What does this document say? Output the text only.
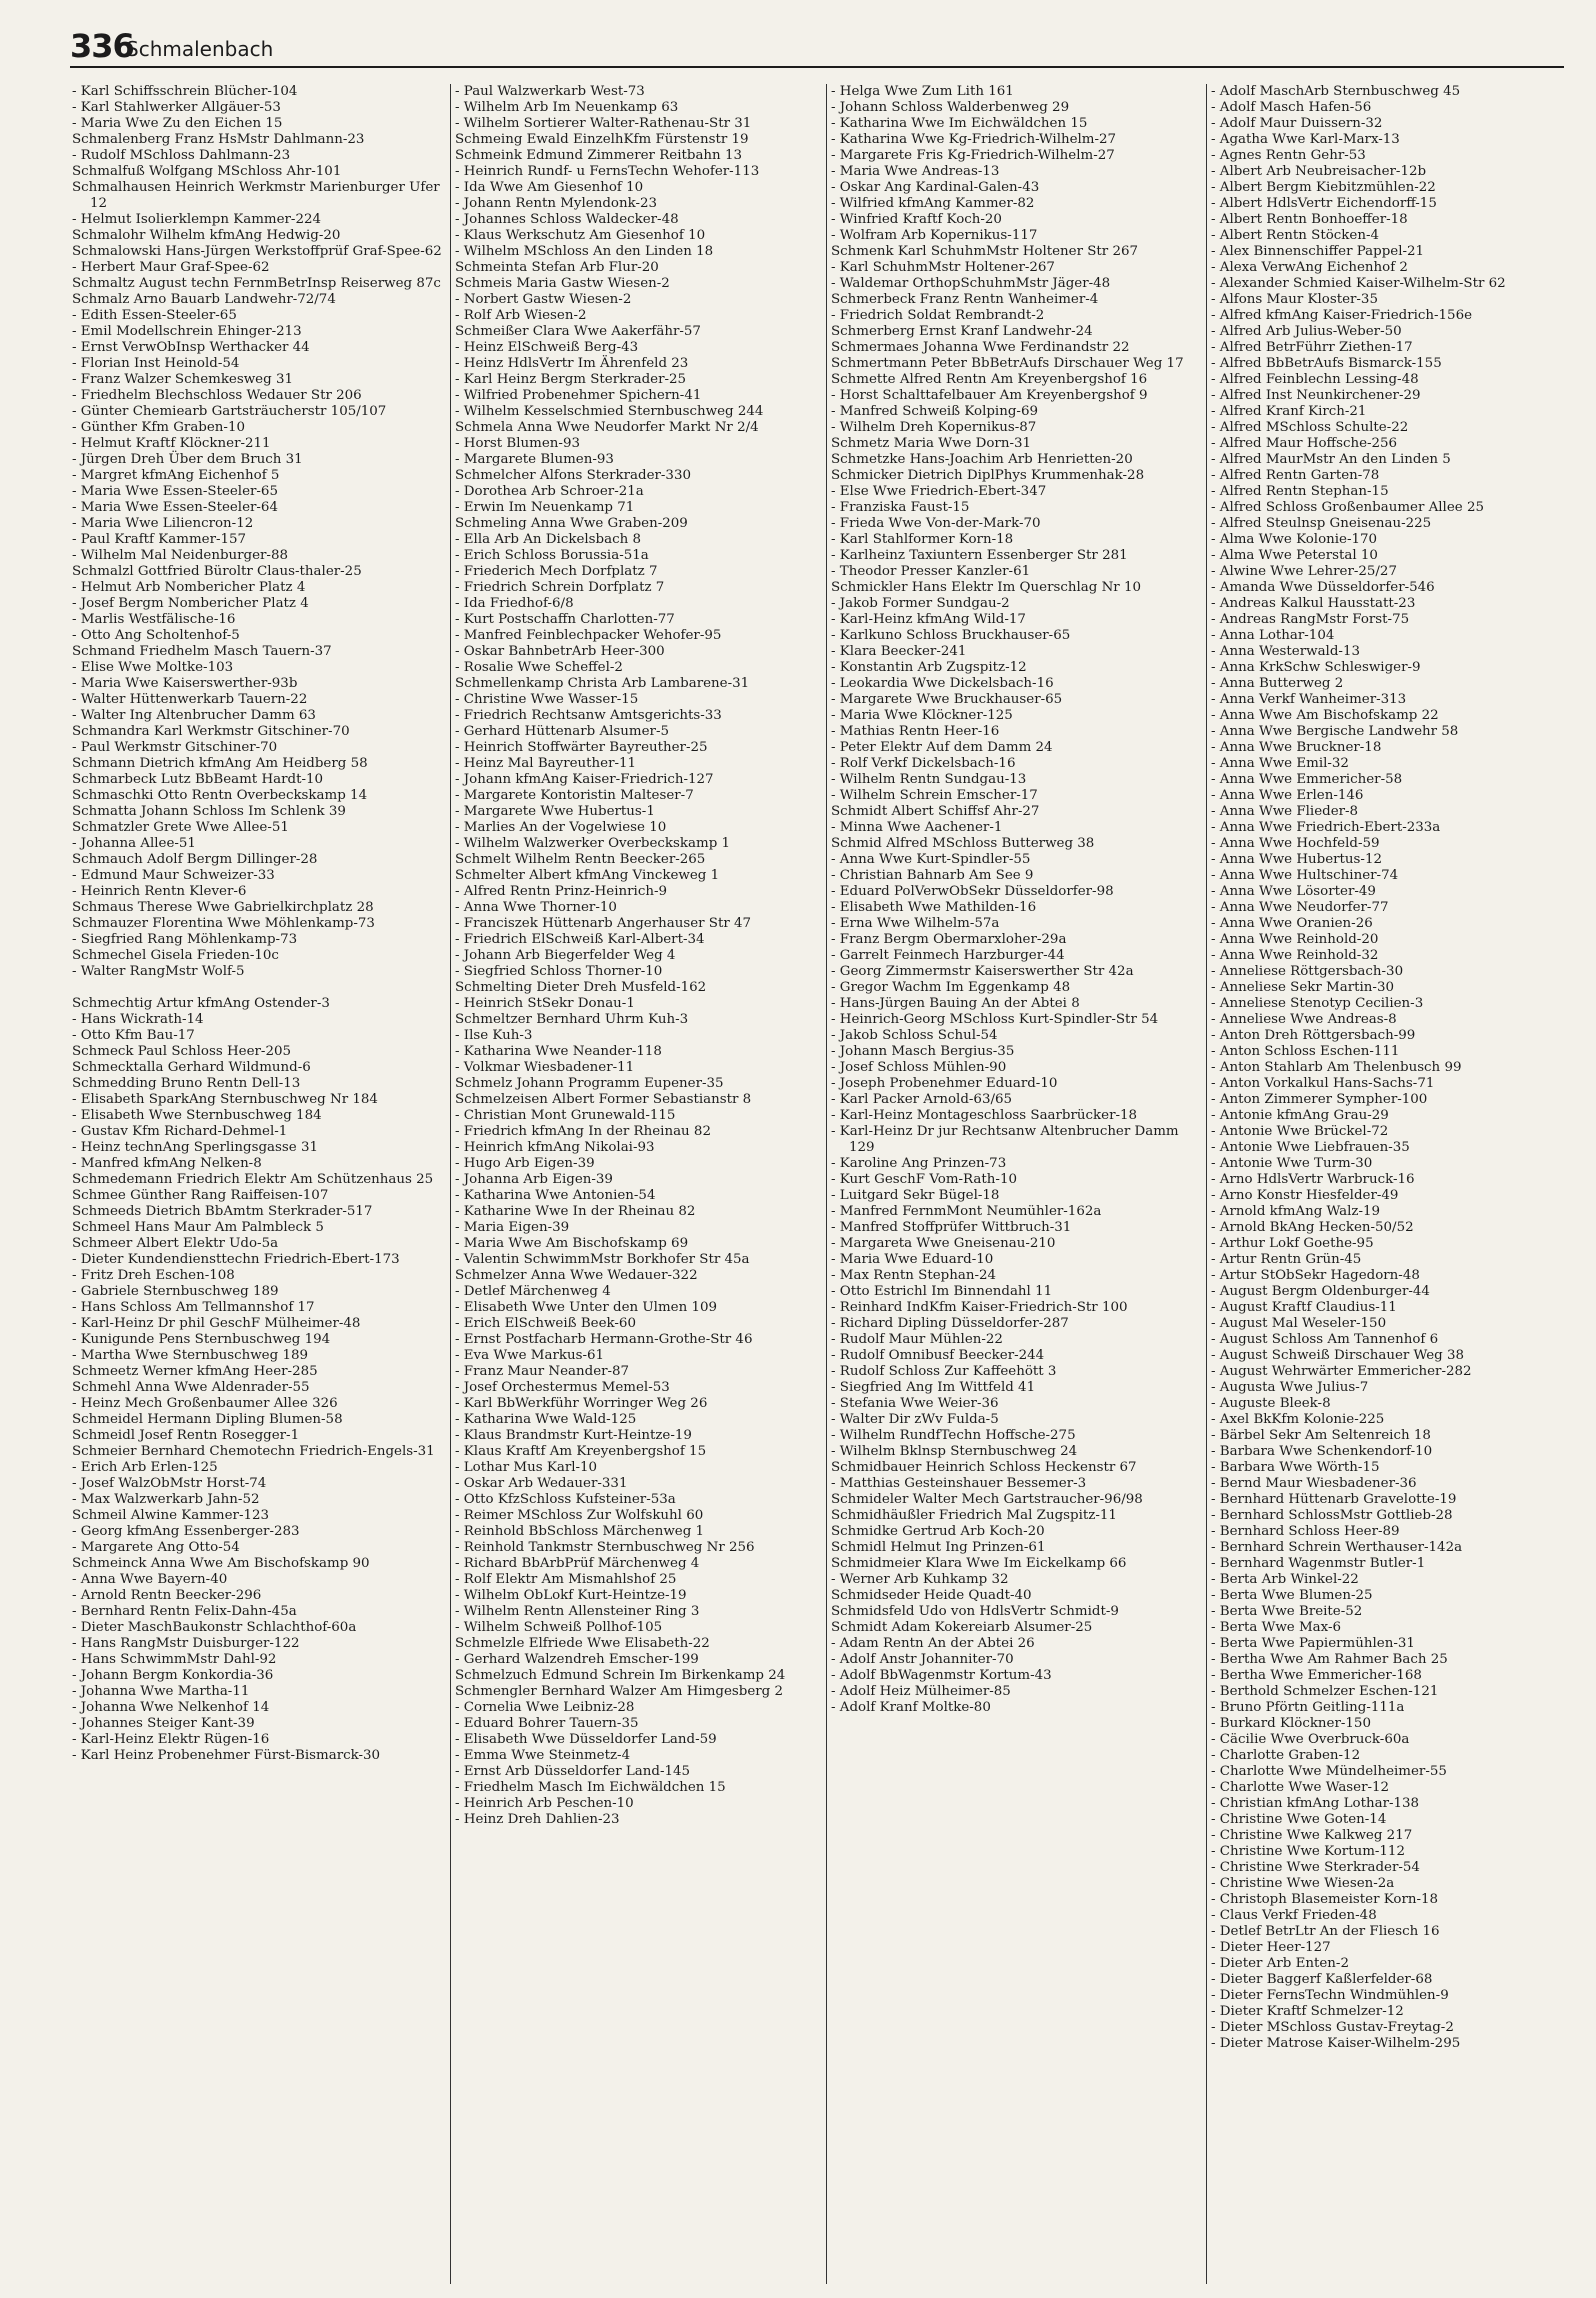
336
Schmalenbach
- Karl Schiffsschrein Blücher-104
- Karl Stahlwerker Allgäuer-53
- Maria Wwe Zu den Eichen 15
Schmalenberg Franz HsMstr Dahlmann-23
- Rudolf MSchloss Dahlmann-23
Schmalfuß Wolfgang MSchloss Ahr-101
Schmalhausen Heinrich Werkmstr Marienburger Ufer 12
- Helmut Isolierklempn Kammer-224
Schmalohr Wilhelm kfmAng Hedwig-20
Schmalowski Hans-Jürgen Werkstoffprüf Graf-Spee-62
- Herbert Maur Graf-Spee-62
Schmaltz August techn FernmBetrInsp Reiserweg 87c
Schmalz Arno Bauarb Landwehr-72/74
- Edith Essen-Steeler-65
- Emil Modellschrein Ehinger-213
- Ernst VerwObInsp Werthacker 44
- Florian Inst Heinold-54
- Franz Walzer Schemkesweg 31
- Friedhelm Blechschloss Wedauer Str 206
- Günter Chemiearb Gartsträucherstr 105/107
- Günther Kfm Graben-10
- Helmut Kraftf Klöckner-211
- Jürgen Dreh Über dem Bruch 31
- Margret kfmAng Eichenhof 5
- Maria Wwe Essen-Steeler-65
- Maria Wwe Essen-Steeler-64
- Maria Wwe Liliencron-12
- Paul Kraftf Kammer-157
- Wilhelm Mal Neidenburger-88
Schmalzl Gottfried Büroltr Claus-thaler-25
- Helmut Arb Nombericher Platz 4
- Josef Bergm Nombericher Platz 4
- Marlis Westfälische-16
- Otto Ang Scholtenhof-5
Schmand Friedhelm Masch Tauern-37
- Elise Wwe Moltke-103
- Maria Wwe Kaiserswerther-93b
- Walter Hüttenwerkarb Tauern-22
- Walter Ing Altenbrucher Damm 63
Schmandra Karl Werkmstr Gitschiner-70
- Paul Werkmstr Gitschiner-70
Schmann Dietrich kfmAng Am Heidberg 58
Schmarbeck Lutz BbBeamt Hardt-10
Schmaschki Otto Rentn Overbeckskamp 14
Schmatta Johann Schloss Im Schlenk 39
Schmatzler Grete Wwe Allee-51
- Johanna Allee-51
Schmauch Adolf Bergm Dillinger-28
- Edmund Maur Schweizer-33
- Heinrich Rentn Klever-6
Schmaus Therese Wwe Gabrielkirchplatz 28
Schmauzer Florentina Wwe Möhlenkamp-73
- Siegfried Rang Möhlenkamp-73
Schmechel Gisela Frieden-10c
- Walter RangMstr Wolf-5
Schmechtig Artur kfmAng Ostender-3
- Hans Wickrath-14
- Otto Kfm Bau-17
Schmeck Paul Schloss Heer-205
Schmecktalla Gerhard Wildmund-6
Schmedding Bruno Rentn Dell-13
- Elisabeth SparkAng Sternbuschweg Nr 184
- Elisabeth Wwe Sternbuschweg 184
- Gustav Kfm Richard-Dehmel-1
- Heinz technAng Sperlingsgasse 31
- Manfred kfmAng Nelken-8
Schmedemann Friedrich Elektr Am Schützenhaus 25
Schmee Günther Rang Raiffeisen-107
Schmeeds Dietrich BbAmtm Sterkrader-517
Schmeel Hans Maur Am Palmbleck 5
Schmeer Albert Elektr Udo-5a
- Dieter Kundendiensttechn Friedrich-Ebert-173
- Fritz Dreh Eschen-108
- Gabriele Sternbuschweg 189
- Hans Schloss Am Tellmannshof 17
- Karl-Heinz Dr phil GeschF Mülheimer-48
- Kunigunde Pens Sternbuschweg 194
- Martha Wwe Sternbuschweg 189
Schmeetz Werner kfmAng Heer-285
Schmehl Anna Wwe Aldenrader-55
- Heinz Mech Großenbaumer Allee 326
Schmeidel Hermann Dipling Blumen-58
Schmeidl Josef Rentn Rosegger-1
Schmeier Bernhard Chemotechn Friedrich-Engels-31
- Erich Arb Erlen-125
- Josef WalzObMstr Horst-74
- Max Walzwerkarb Jahn-52
Schmeil Alwine Kammer-123
- Georg kfmAng Essenberger-283
- Margarete Ang Otto-54
Schmeinck Anna Wwe Am Bischofskamp 90
- Anna Wwe Bayern-40
- Arnold Rentn Beecker-296
- Bernhard Rentn Felix-Dahn-45a
- Dieter MaschBaukonstr Schlachthof-60a
- Hans RangMstr Duisburger-122
- Hans SchwimmMstr Dahl-92
- Johann Bergm Konkordia-36
- Johanna Wwe Martha-11
- Johanna Wwe Nelkenhof 14
- Johannes Steiger Kant-39
- Karl-Heinz Elektr Rügen-16
- Karl Heinz Probenehmer Fürst-Bismarck-30
- Paul Walzwerkarb West-73
- Wilhelm Arb Im Neuenkamp 63
- Wilhelm Sortierer Walter-Rathenau-Str 31
Schmeing Ewald EinzelhKfm Fürstenstr 19
Schmeink Edmund Zimmerer Reitbahn 13
- Heinrich Rundf- u FernsTechn Wehofer-113
- Ida Wwe Am Giesenhof 10
- Johann Rentn Mylendonk-23
- Johannes Schloss Waldecker-48
- Klaus Werkschutz Am Giesenhof 10
- Wilhelm MSchloss An den Linden 18
Schmeinta Stefan Arb Flur-20
Schmeis Maria Gastw Wiesen-2
- Norbert Gastw Wiesen-2
- Rolf Arb Wiesen-2
Schmeißer Clara Wwe Aakerfähr-57
- Heinz ElSchweiß Berg-43
- Heinz HdlsVertr Im Ährenfeld 23
- Karl Heinz Bergm Sterkrader-25
- Wilfried Probenehmer Spichern-41
- Wilhelm Kesselschmied Sternbuschweg 244
Schmela Anna Wwe Neudorfer Markt Nr 2/4
- Horst Blumen-93
- Margarete Blumen-93
Schmelcher Alfons Sterkrader-330
- Dorothea Arb Schroer-21a
- Erwin Im Neuenkamp 71
Schmeling Anna Wwe Graben-209
- Ella Arb An Dickelsbach 8
- Erich Schloss Borussia-51a
- Friederich Mech Dorfplatz 7
- Friedrich Schrein Dorfplatz 7
- Ida Friedhof-6/8
- Kurt Postschaffn Charlotten-77
- Manfred Feinblechpacker Wehofer-95
- Oskar BahnbetrArb Heer-300
- Rosalie Wwe Scheffel-2
Schmellenkamp Christa Arb Lambarene-31
- Christine Wwe Wasser-15
- Friedrich Rechtsanw Amtsgerichts-33
- Gerhard Hüttenarb Alsumer-5
- Heinrich Stoffwärter Bayreuther-25
- Heinz Mal Bayreuther-11
- Johann kfmAng Kaiser-Friedrich-127
- Margarete Kontoristin Malteser-7
- Margarete Wwe Hubertus-1
- Marlies An der Vogelwiese 10
- Wilhelm Walzwerker Overbeckskamp 1
Schmelt Wilhelm Rentn Beecker-265
Schmelter Albert kfmAng Vinckeweg 1
- Alfred Rentn Prinz-Heinrich-9
- Anna Wwe Thorner-10
- Franciszek Hüttenarb Angerhauser Str 47
- Friedrich ElSchweiß Karl-Albert-34
- Johann Arb Biegerfelder Weg 4
- Siegfried Schloss Thorner-10
Schmelting Dieter Dreh Musfeld-162
- Heinrich StSekr Donau-1
Schmeltzer Bernhard Uhrm Kuh-3
- Ilse Kuh-3
- Katharina Wwe Neander-118
- Volkmar Wiesbadener-11
Schmelz Johann Programm Eupener-35
Schmelzeisen Albert Former Sebastianstr 8
- Christian Mont Grunewald-115
- Friedrich kfmAng In der Rheinau 82
- Heinrich kfmAng Nikolai-93
- Hugo Arb Eigen-39
- Johanna Arb Eigen-39
- Katharina Wwe Antonien-54
- Katharine Wwe In der Rheinau 82
- Maria Eigen-39
- Maria Wwe Am Bischofskamp 69
- Valentin SchwimmMstr Borkhofer Str 45a
Schmelzer Anna Wwe Wedauer-322
- Detlef Märchenweg 4
- Elisabeth Wwe Unter den Ulmen 109
- Erich ElSchweiß Beek-60
- Ernst Postfacharb Hermann-Grothe-Str 46
- Eva Wwe Markus-61
- Franz Maur Neander-87
- Josef Orchestermus Memel-53
- Karl BbWerkführ Worringer Weg 26
- Katharina Wwe Wald-125
- Klaus Brandmstr Kurt-Heintze-19
- Klaus Kraftf Am Kreyenbergshof 15
- Lothar Mus Karl-10
- Oskar Arb Wedauer-331
- Otto KfzSchloss Kufsteiner-53a
- Reimer MSchloss Zur Wolfskuhl 60
- Reinhold BbSchloss Märchenweg 1
- Reinhold Tankmstr Sternbuschweg Nr 256
- Richard BbArbPrüf Märchenweg 4
- Rolf Elektr Am Mismahlshof 25
- Wilhelm ObLokf Kurt-Heintze-19
- Wilhelm Rentn Allensteiner Ring 3
- Wilhelm Schweiß Pollhof-105
Schmelzle Elfriede Wwe Elisabeth-22
- Gerhard Walzendreh Emscher-199
Schmelzuch Edmund Schrein Im Birkenkamp 24
Schmengler Bernhard Walzer Am Himgesberg 2
- Cornelia Wwe Leibniz-28
- Eduard Bohrer Tauern-35
- Elisabeth Wwe Düsseldorfer Land-59
- Emma Wwe Steinmetz-4
- Ernst Arb Düsseldorfer Land-145
- Friedhelm Masch Im Eichwäldchen 15
- Heinrich Arb Peschen-10
- Heinz Dreh Dahlien-23
- Helga Wwe Zum Lith 161
- Johann Schloss Walderbenweg 29
- Katharina Wwe Im Eichwäldchen 15
- Katharina Wwe Kg-Friedrich-Wilhelm-27
- Margarete Fris Kg-Friedrich-Wilhelm-27
- Maria Wwe Andreas-13
- Oskar Ang Kardinal-Galen-43
- Wilfried kfmAng Kammer-82
- Winfried Kraftf Koch-20
- Wolfram Arb Kopernikus-117
Schmenk Karl SchuhmMstr Holtener Str 267
- Karl SchuhmMstr Holtener-267
- Waldemar OrthopSchuhmMstr Jäger-48
Schmerbeck Franz Rentn Wanheimer-4
- Friedrich Soldat Rembrandt-2
Schmerberg Ernst Kranf Landwehr-24
Schmermaes Johanna Wwe Ferdinandstr 22
Schmertmann Peter BbBetrAufs Dirschauer Weg 17
Schmette Alfred Rentn Am Kreyenbergshof 16
- Horst Schalttafelbauer Am Kreyenbergshof 9
- Manfred Schweiß Kolping-69
- Wilhelm Dreh Kopernikus-87
Schmetz Maria Wwe Dorn-31
Schmetzke Hans-Joachim Arb Henrietten-20
Schmicker Dietrich DiplPhys Krummenhak-28
- Else Wwe Friedrich-Ebert-347
- Franziska Faust-15
- Frieda Wwe Von-der-Mark-70
- Karl Stahlformer Korn-18
- Karlheinz Taxiuntern Essenberger Str 281
- Theodor Presser Kanzler-61
Schmickler Hans Elektr Im Querschlag Nr 10
- Jakob Former Sundgau-2
- Karl-Heinz kfmAng Wild-17
- Karlkuno Schloss Bruckhauser-65
- Klara Beecker-241
- Konstantin Arb Zugspitz-12
- Leokardia Wwe Dickelsbach-16
- Margarete Wwe Bruckhauser-65
- Maria Wwe Klöckner-125
- Mathias Rentn Heer-16
- Peter Elektr Auf dem Damm 24
- Rolf Verkf Dickelsbach-16
- Wilhelm Rentn Sundgau-13
- Wilhelm Schrein Emscher-17
Schmidt Albert Schiffsf Ahr-27
- Minna Wwe Aachener-1
Schmid Alfred MSchloss Butterweg 38
- Anna Wwe Kurt-Spindler-55
- Christian Bahnarb Am See 9
- Eduard PolVerwObSekr Düsseldorfer-98
- Elisabeth Wwe Mathilden-16
- Erna Wwe Wilhelm-57a
- Franz Bergm Obermarxloher-29a
- Garrelt Feinmech Harzburger-44
- Georg Zimmermstr Kaiserswerther Str 42a
- Gregor Wachm Im Eggenkamp 48
- Hans-Jürgen Bauing An der Abtei 8
- Heinrich-Georg MSchloss Kurt-Spindler-Str 54
- Jakob Schloss Schul-54
- Johann Masch Bergius-35
- Josef Schloss Mühlen-90
- Joseph Probenehmer Eduard-10
- Karl Packer Arnold-63/65
- Karl-Heinz Montageschloss Saarbrücker-18
- Karl-Heinz Dr jur Rechtsanw Altenbrucher Damm 129
- Karoline Ang Prinzen-73
- Kurt GeschF Vom-Rath-10
- Luitgard Sekr Bügel-18
- Manfred FernmMont Neumühler-162a
- Manfred Stoffprüfer Wittbruch-31
- Margareta Wwe Gneisenau-210
- Maria Wwe Eduard-10
- Max Rentn Stephan-24
- Otto Estrichl Im Binnendahl 11
- Reinhard IndKfm Kaiser-Friedrich-Str 100
- Richard Dipling Düsseldorfer-287
- Rudolf Maur Mühlen-22
- Rudolf Omnibusf Beecker-244
- Rudolf Schloss Zur Kaffeehött 3
- Siegfried Ang Im Wittfeld 41
- Stefania Wwe Weier-36
- Walter Dir zWv Fulda-5
- Wilhelm RundfTechn Hoffsche-275
- Wilhelm Bklnsp Sternbuschweg 24
Schmidbauer Heinrich Schloss Heckenstr 67
- Matthias Gesteinshauer Bessemer-3
Schmideler Walter Mech Gartstraucher-96/98
Schmidhäußler Friedrich Mal Zugspitz-11
Schmidke Gertrud Arb Koch-20
Schmidl Helmut Ing Prinzen-61
Schmidmeier Klara Wwe Im Eickelkamp 66
- Werner Arb Kuhkamp 32
Schmidseder Heide Quadt-40
Schmidsfeld Udo von HdlsVertr Schmidt-9
Schmidt Adam Kokereiarb Alsumer-25
- Adam Rentn An der Abtei 26
- Adolf Anstr Johanniter-70
- Adolf BbWagenmstr Kortum-43
- Adolf Heiz Mülheimer-85
- Adolf Kranf Moltke-80
- Adolf MaschArb Sternbuschweg 45
- Adolf Masch Hafen-56
- Adolf Maur Duissern-32
- Agatha Wwe Karl-Marx-13
- Agnes Rentn Gehr-53
- Albert Arb Neubreisacher-12b
- Albert Bergm Kiebitzmühlen-22
- Albert HdlsVertr Eichendorff-15
- Albert Rentn Bonhoeffer-18
- Albert Rentn Stöcken-4
- Alex Binnenschiffer Pappel-21
- Alexa VerwAng Eichenhof 2
- Alexander Schmied Kaiser-Wilhelm-Str 62
- Alfons Maur Kloster-35
- Alfred kfmAng Kaiser-Friedrich-156e
- Alfred Arb Julius-Weber-50
- Alfred BetrFührr Ziethen-17
- Alfred BbBetrAufs Bismarck-155
- Alfred Feinblechn Lessing-48
- Alfred Inst Neunkirchener-29
- Alfred Kranf Kirch-21
- Alfred MSchloss Schulte-22
- Alfred Maur Hoffsche-256
- Alfred MaurMstr An den Linden 5
- Alfred Rentn Garten-78
- Alfred Rentn Stephan-15
- Alfred Schloss Großenbaumer Allee 25
- Alfred Steulnsp Gneisenau-225
- Alma Wwe Kolonie-170
- Alma Wwe Peterstal 10
- Alwine Wwe Lehrer-25/27
- Amanda Wwe Düsseldorfer-546
- Andreas Kalkul Hausstatt-23
- Andreas RangMstr Forst-75
- Anna Lothar-104
- Anna Westerwald-13
- Anna KrkSchw Schleswiger-9
- Anna Butterweg 2
- Anna Verkf Wanheimer-313
- Anna Wwe Am Bischofskamp 22
- Anna Wwe Bergische Landwehr 58
- Anna Wwe Bruckner-18
- Anna Wwe Emil-32
- Anna Wwe Emmericher-58
- Anna Wwe Erlen-146
- Anna Wwe Flieder-8
- Anna Wwe Friedrich-Ebert-233a
- Anna Wwe Hochfeld-59
- Anna Wwe Hubertus-12
- Anna Wwe Hultschiner-74
- Anna Wwe Lösorter-49
- Anna Wwe Neudorfer-77
- Anna Wwe Oranien-26
- Anna Wwe Reinhold-20
- Anna Wwe Reinhold-32
- Anneliese Röttgersbach-30
- Anneliese Sekr Martin-30
- Anneliese Stenotyp Cecilien-3
- Anneliese Wwe Andreas-8
- Anton Dreh Röttgersbach-99
- Anton Schloss Eschen-111
- Anton Stahlarb Am Thelenbusch 99
- Anton Vorkalkul Hans-Sachs-71
- Anton Zimmerer Sympher-100
- Antonie kfmAng Grau-29
- Antonie Wwe Brückel-72
- Antonie Wwe Liebfrauen-35
- Antonie Wwe Turm-30
- Arno HdlsVertr Warbruck-16
- Arno Konstr Hiesfelder-49
- Arnold kfmAng Walz-19
- Arnold BkAng Hecken-50/52
- Arthur Lokf Goethe-95
- Artur Rentn Grün-45
- Artur StObSekr Hagedorn-48
- August Bergm Oldenburger-44
- August Kraftf Claudius-11
- August Mal Weseler-150
- August Schloss Am Tannenhof 6
- August Schweiß Dirschauer Weg 38
- August Wehrwärter Emmericher-282
- Augusta Wwe Julius-7
- Auguste Bleek-8
- Axel BkKfm Kolonie-225
- Bärbel Sekr Am Seltenreich 18
- Barbara Wwe Schenkendorf-10
- Barbara Wwe Wörth-15
- Bernd Maur Wiesbadener-36
- Bernhard Hüttenarb Gravelotte-19
- Bernhard SchlossMstr Gottlieb-28
- Bernhard Schloss Heer-89
- Bernhard Schrein Werthauser-142a
- Bernhard Wagenmstr Butler-1
- Berta Arb Winkel-22
- Berta Wwe Blumen-25
- Berta Wwe Breite-52
- Berta Wwe Max-6
- Berta Wwe Papiermühlen-31
- Bertha Wwe Am Rahmer Bach 25
- Bertha Wwe Emmericher-168
- Berthold Schmelzer Eschen-121
- Bruno Pförtn Geitling-111a
- Burkard Klöckner-150
- Cäcilie Wwe Overbruck-60a
- Charlotte Graben-12
- Charlotte Wwe Mündelheimer-55
- Charlotte Wwe Waser-12
- Christian kfmAng Lothar-138
- Christine Wwe Goten-14
- Christine Wwe Kalkweg 217
- Christine Wwe Kortum-112
- Christine Wwe Sterkrader-54
- Christine Wwe Wiesen-2a
- Christoph Blasemeister Korn-18
- Claus Verkf Frieden-48
- Detlef BetrLtr An der Fliesch 16
- Dieter Heer-127
- Dieter Arb Enten-2
- Dieter Baggerf Kaßlerfelder-68
- Dieter FernsTechn Windmühlen-9
- Dieter Kraftf Schmelzer-12
- Dieter MSchloss Gustav-Freytag-2
- Dieter Matrose Kaiser-Wilhelm-295
